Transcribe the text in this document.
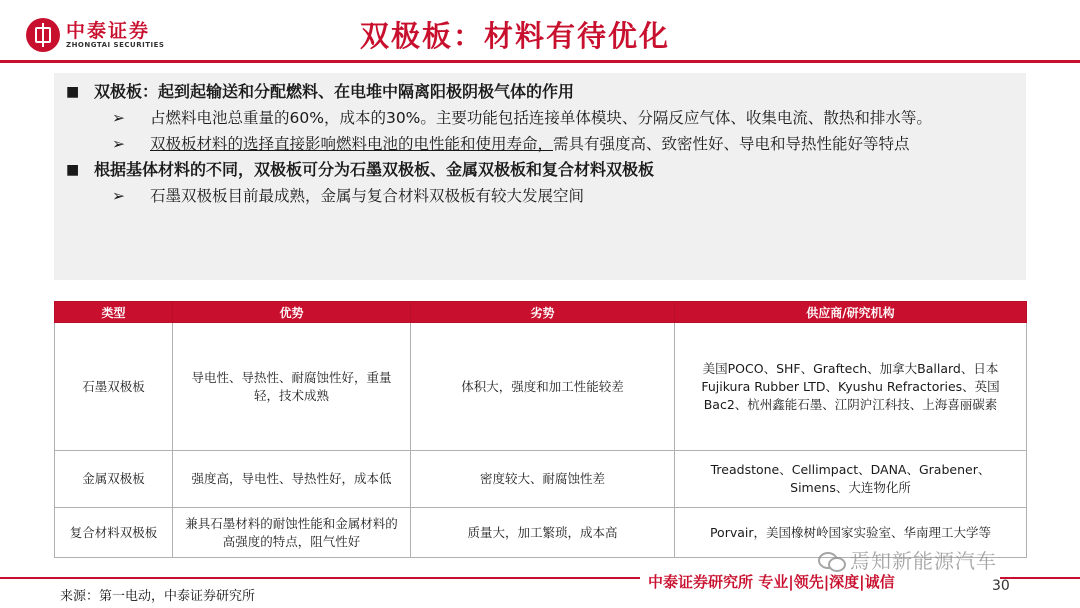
中泰证券
ZHONGTAI SECURITIES	双极板：材料有待优化
■ 双极板：起到起输送和分配燃料、在电堆中隔离阳极阴极气体的作用
➢	占燃料电池总重量的60%，成本的30%。主要功能包括连接单体模块、分隔反应气体、收集电流、散热和排水等。
➢	双极板材料的选择直接影响燃料电池的电性能和使用寿命，需具有强度高、致密性好、导电和导热性能好等特点
■ 根据基体材料的不同，双极板可分为石墨双极板、金属双极板和复合材料双极板
➢	石墨双极板目前最成熟，金属与复合材料双极板有较大发展空间
类型	优势	劣势	供应商/研究机构
石墨双极板	导电性、导热性、耐腐蚀性好，重量轻，技术成熟	体积大，强度和加工性能较差	美国POCO、SHF、Graftech、加拿大Ballard、日本Fujikura Rubber LTD、Kyushu Refractories、英国Bac2、杭州鑫能石墨、江阴沪江科技、上海喜丽碳素
金属双极板	强度高，导电性、导热性好，成本低	密度较大、耐腐蚀性差	Treadstone、Cellimpact、DANA、Grabener、Simens、大连物化所
复合材料双极板	兼具石墨材料的耐蚀性能和金属材料的高强度的特点，阻气性好	质量大，加工繁琐，成本高	Porvair，美国橡树岭国家实验室、华南理工大学等
焉知新能源汽车
中泰证券研究所 专业|领先|深度|诚信	30
来源：第一电动，中泰证券研究所
